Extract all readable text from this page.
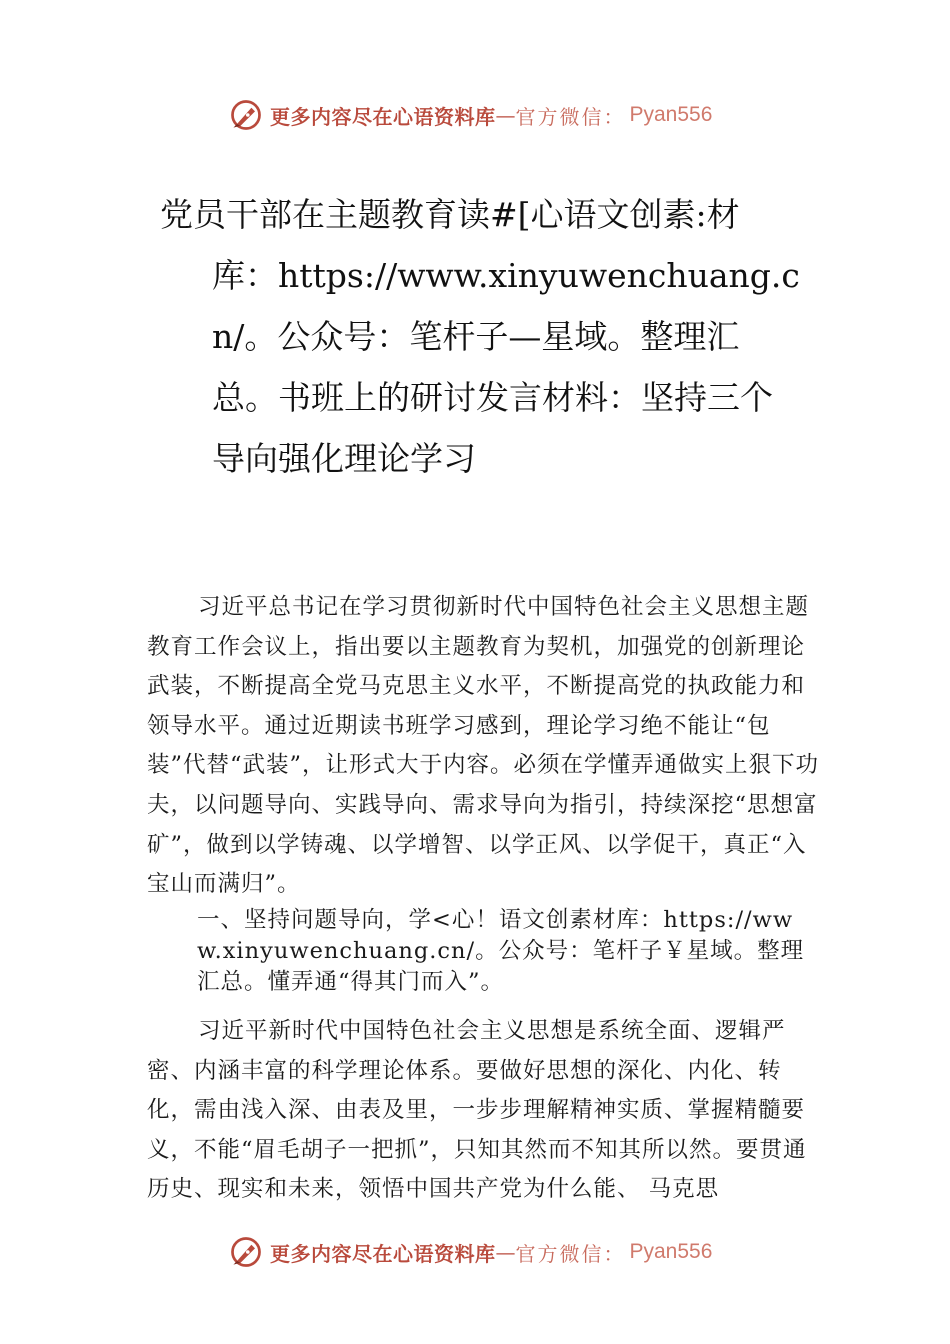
更多内容尽在心语资料库 — 官方微信： Pyan556
党员干部在主题教育读#[心语文创素:材
库：https://www.xinyuwenchuang.cn/。公众号：笔杆子—星域。整理汇总。书班上的研讨发言材料：坚持三个导向强化理论学习

习近平总书记在学习贯彻新时代中国特色社会主义思想主题教育工作会议上，指出要以主题教育为契机，加强党的创新理论武装，不断提高全党马克思主义水平，不断提高党的执政能力和领导水平。通过近期读书班学习感到，理论学习绝不能让“包装”代替“武装”，让形式大于内容。必须在学懂弄通做实上狠下功夫，以问题导向、实践导向、需求导向为指引，持续深挖“思想富矿”，做到以学铸魂、以学增智、以学正风、以学促干，真正“入宝山而满归”。

一、坚持问题导向，学<心！语文创素材库：https://www.xinyuwenchuang.cn/。公众号：笔杆子￥星域。整理汇总。懂弄通“得其门而入”。

习近平新时代中国特色社会主义思想是系统全面、逻辑严密、内涵丰富的科学理论体系。要做好思想的深化、内化、转化，需由浅入深、由表及里，一步步理解精神实质、掌握精髓要义，不能“眉毛胡子一把抓”，只知其然而不知其所以然。要贯通历史、现实和未来，领悟中国共产党为什么能、 马克思

更多内容尽在心语资料库 — 官方微信： Pyan556
